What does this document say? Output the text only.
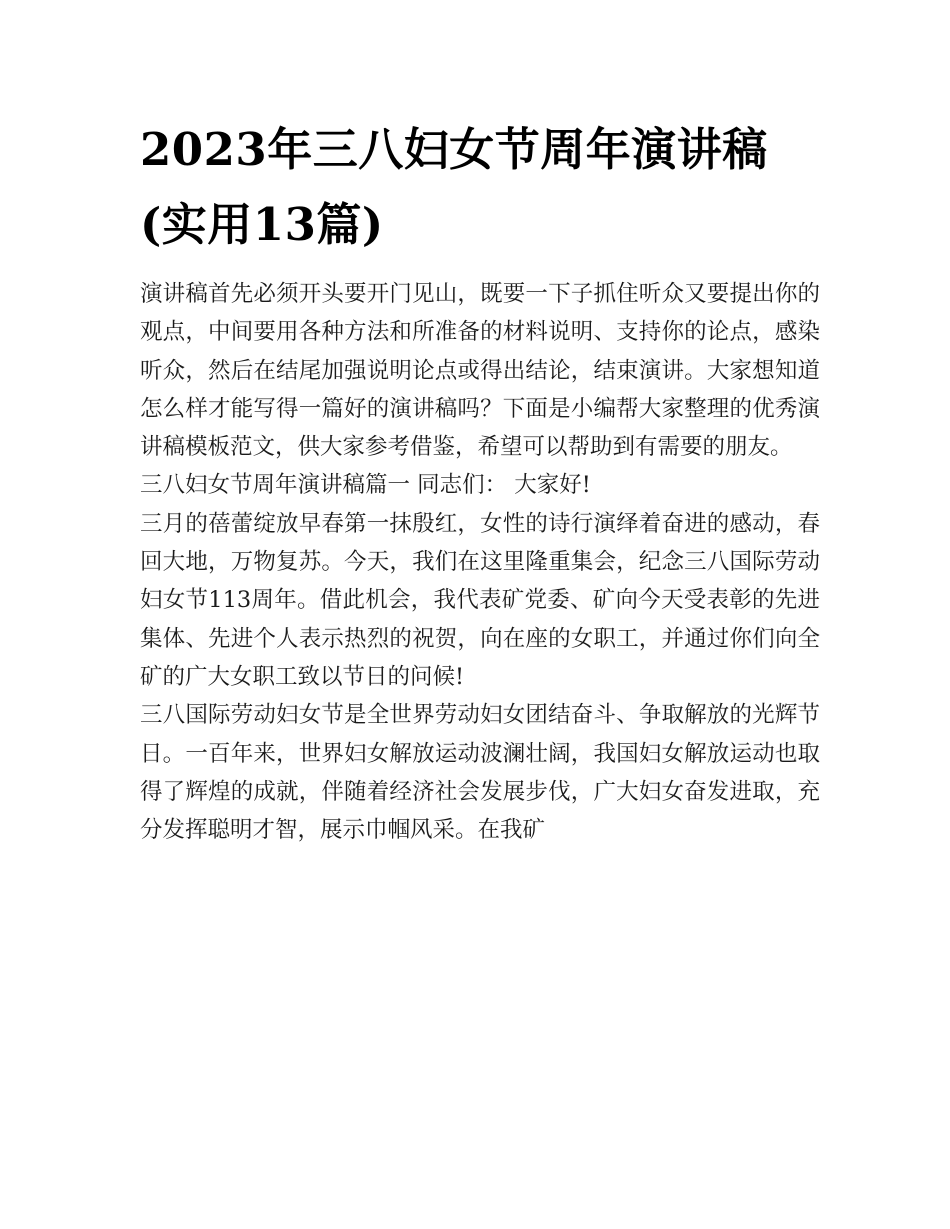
2023年三八妇女节周年演讲稿(实用13篇)

演讲稿首先必须开头要开门见山，既要一下子抓住听众又要提出你的观点，中间要用各种方法和所准备的材料说明、支持你的论点，感染听众，然后在结尾加强说明论点或得出结论，结束演讲。大家想知道怎么样才能写得一篇好的演讲稿吗？下面是小编帮大家整理的优秀演讲稿模板范文，供大家参考借鉴，希望可以帮助到有需要的朋友。

三八妇女节周年演讲稿篇一 同志们： 大家好!

三月的蓓蕾绽放早春第一抹殷红，女性的诗行演绎着奋进的感动，春回大地，万物复苏。今天，我们在这里隆重集会，纪念三八国际劳动妇女节113周年。借此机会，我代表矿党委、矿向今天受表彰的先进集体、先进个人表示热烈的祝贺，向在座的女职工，并通过你们向全矿的广大女职工致以节日的问候!

三八国际劳动妇女节是全世界劳动妇女团结奋斗、争取解放的光辉节日。一百年来，世界妇女解放运动波澜壮阔，我国妇女解放运动也取得了辉煌的成就，伴随着经济社会发展步伐，广大妇女奋发进取，充分发挥聪明才智，展示巾帼风采。在我矿
